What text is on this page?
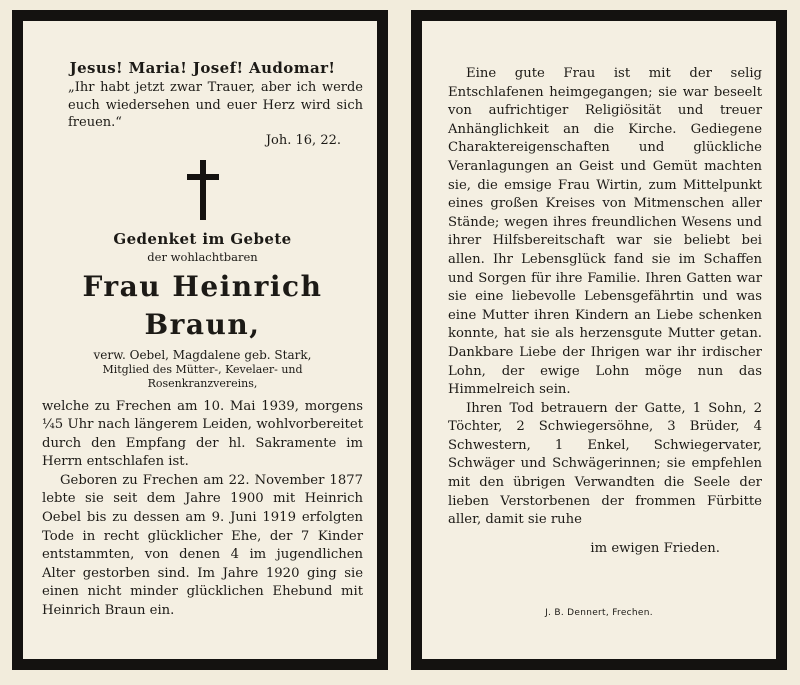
Jesus! Maria! Josef! Audomar!

„Ihr habt jetzt zwar Trauer, aber ich werde euch wiedersehen und euer Herz wird sich freuen.“

Joh. 16, 22.

Gedenket im Gebete

der wohlachtbaren

Frau Heinrich Braun,

verw. Oebel, Magdalene geb. Stark,

Mitglied des Mütter-, Kevelaer- und Rosenkranzvereins,

welche zu Frechen am 10. Mai 1939, morgens ¼5 Uhr nach längerem Leiden, wohlvorbereitet durch den Empfang der hl. Sakramente im Herrn entschlafen ist.

Geboren zu Frechen am 22. November 1877 lebte sie seit dem Jahre 1900 mit Heinrich Oebel bis zu dessen am 9. Juni 1919 erfolgten Tode in recht glücklicher Ehe, der 7 Kinder entstammten, von denen 4 im jugendlichen Alter gestorben sind. Im Jahre 1920 ging sie einen nicht minder glücklichen Ehebund mit Heinrich Braun ein.

Eine gute Frau ist mit der selig Entschlafenen heimgegangen; sie war beseelt von aufrichtiger Religiösität und treuer Anhänglichkeit an die Kirche. Gediegene Charaktereigenschaften und glückliche Veranlagungen an Geist und Gemüt machten sie, die emsige Frau Wirtin, zum Mittelpunkt eines großen Kreises von Mitmenschen aller Stände; wegen ihres freundlichen Wesens und ihrer Hilfsbereitschaft war sie beliebt bei allen. Ihr Lebensglück fand sie im Schaffen und Sorgen für ihre Familie. Ihren Gatten war sie eine liebevolle Lebensgefährtin und was eine Mutter ihren Kindern an Liebe schenken konnte, hat sie als herzensgute Mutter getan. Dankbare Liebe der Ihrigen war ihr irdischer Lohn, der ewige Lohn möge nun das Himmelreich sein.

Ihren Tod betrauern der Gatte, 1 Sohn, 2 Töchter, 2 Schwiegersöhne, 3 Brüder, 4 Schwestern, 1 Enkel, Schwiegervater, Schwäger und Schwägerinnen; sie empfehlen mit den übrigen Verwandten die Seele der lieben Verstorbenen der frommen Fürbitte aller, damit sie ruhe

im ewigen Frieden.

J. B. Dennert, Frechen.
